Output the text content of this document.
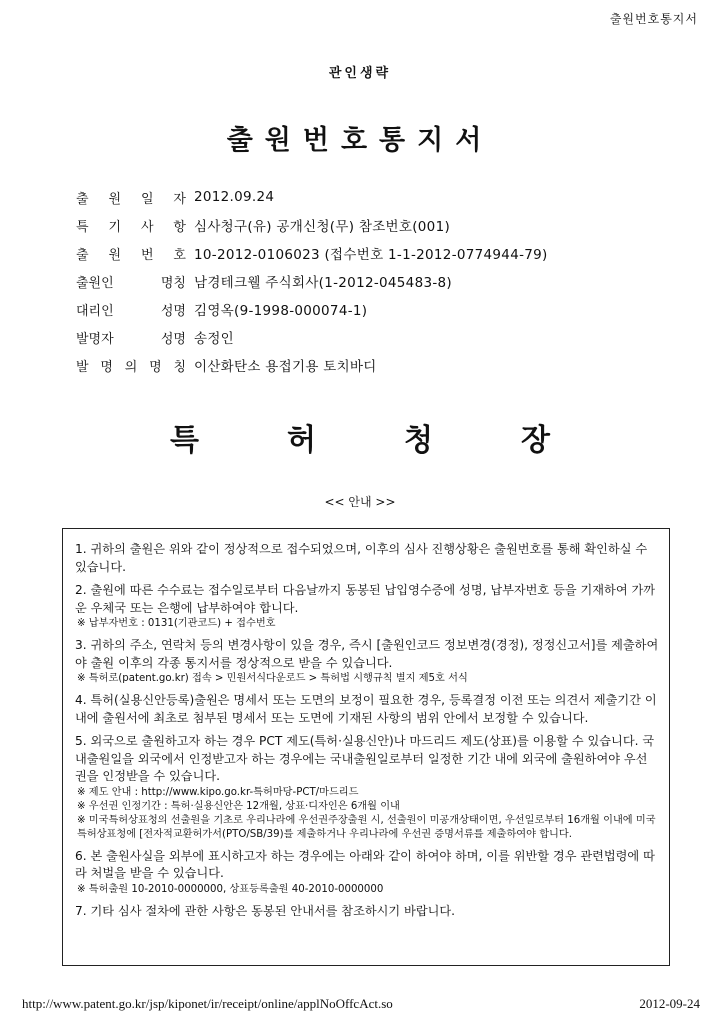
출원번호통지서
관인생략
출원번호통지서
출 원 일 자 2012.09.24
특 기 사 항 심사청구(유) 공개신청(무) 참조번호(001)
출 원 번 호 10-2012-0106023 (접수번호 1-1-2012-0774944-79)
출원인	명칭 남경테크웰 주식회사(1-2012-045483-8)
대리인	성명 김영옥(9-1998-000074-1)
발명자	성명 송정인
발 명 의 명 칭 이산화탄소 용접기용 토치바디
특	허	청	장
<< 안내 >>
1. 귀하의 출원은 위와 같이 정상적으로 접수되었으며, 이후의 심사 진행상황은 출원번호를 통해 확인하실 수 있습니다.
2. 출원에 따른 수수료는 접수일로부터 다음날까지 동봉된 납입영수증에 성명, 납부자번호 등을 기재하여 가까운 우체국 또는 은행에 납부하여야 합니다.
※ 납부자번호 : 0131(기관코드) + 접수번호
3. 귀하의 주소, 연락처 등의 변경사항이 있을 경우, 즉시 [출원인코드 정보변경(경정), 정정신고서]를 제출하여야 출원 이후의 각종 통지서를 정상적으로 받을 수 있습니다.
※ 특허로(patent.go.kr) 접속 > 민원서식다운로드 > 특허법 시행규칙 별지 제5호 서식
4. 특허(실용신안등록)출원은 명세서 또는 도면의 보정이 필요한 경우, 등록결정 이전 또는 의견서 제출기간 이내에 출원서에 최초로 첨부된 명세서 또는 도면에 기재된 사항의 범위 안에서 보정할 수 있습니다.
5. 외국으로 출원하고자 하는 경우 PCT 제도(특허·실용신안)나 마드리드 제도(상표)를 이용할 수 있습니다. 국내출원일을 외국에서 인정받고자 하는 경우에는 국내출원일로부터 일정한 기간 내에 외국에 출원하여야 우선권을 인정받을 수 있습니다.
※ 제도 안내 : http://www.kipo.go.kr-특허마당-PCT/마드리드
※ 우선권 인정기간 : 특허·실용신안은 12개월, 상표·디자인은 6개월 이내
※ 미국특허상표청의 선출원을 기초로 우리나라에 우선권주장출원 시, 선출원이 미공개상태이면, 우선일로부터 16개월 이내에 미국특허상표청에 [전자적교환허가서(PTO/SB/39)를 제출하거나 우리나라에 우선권 증명서류를 제출하여야 합니다.
6. 본 출원사실을 외부에 표시하고자 하는 경우에는 아래와 같이 하여야 하며, 이를 위반할 경우 관련법령에 따라 처벌을 받을 수 있습니다.
※ 특허출원 10-2010-0000000, 상표등록출원 40-2010-0000000
7. 기타 심사 절차에 관한 사항은 동봉된 안내서를 참조하시기 바랍니다.
http://www.patent.go.kr/jsp/kiponet/ir/receipt/online/applNoOffcAct.so	2012-09-24
